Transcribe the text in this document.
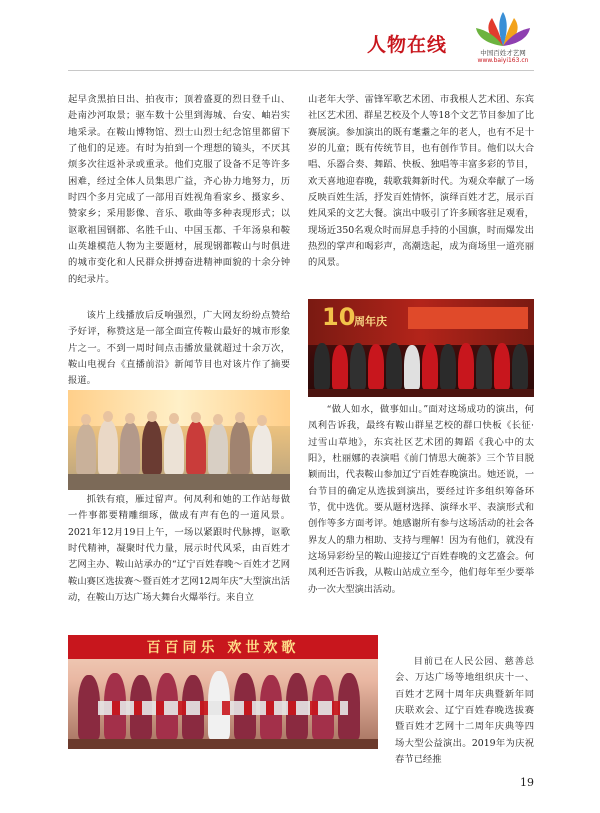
人物在线	中国百姓才艺网
www.baiyi163.cn

起早贪黑拍日出、拍夜市；顶着盛夏的烈日登千山、赴南沙河取景；驱车数十公里到海城、台安、岫岩实地采录。在鞍山博物馆、烈士山烈士纪念馆里都留下了他们的足迹。有时为拍到一个理想的镜头，不厌其烦多次往返补录或重录。他们克服了设备不足等许多困难，经过全体人员集思广益，齐心协力地努力，历时四个多月完成了一部用百姓视角看家乡、摄家乡、赞家乡；采用影像、音乐、歌曲等多种表现形式；以讴歌祖国钢都、名胜千山、中国玉都、千年汤泉和鞍山英雄模范人物为主要题材，展现钢都鞍山与时俱进的城市变化和人民群众拼搏奋进精神面貌的十余分钟的纪录片。

该片上线播放后反响强烈，广大网友纷纷点赞给予好评，称赞这是一部全面宣传鞍山最好的城市形象片之一。不到一周时间点击播放量就超过十余万次，鞍山电视台《直播前沿》新闻节目也对该片作了摘要报道。

抓铁有痕，雁过留声。何凤利和她的工作站每做一件事都要精雕细琢，做成有声有色的一道风景。2021年12月19日上午，一场以紧跟时代脉搏，讴歌时代精神，凝聚时代力量，展示时代风采，由百姓才艺网主办、鞍山站承办的“辽宁百姓春晚～百姓才艺网鞍山赛区选拔赛～暨百姓才艺网12周年庆”大型演出活动，在鞍山万达广场大舞台火爆举行。来自立

山老年大学、雷锋军歌艺术团、市我根人艺术团、东宾社区艺术团、群星艺校及个人等18个文艺节目参加了比赛展演。参加演出的既有耄耋之年的老人，也有不足十岁的儿童；既有传统节目，也有创作节目。他们以大合唱、乐器合奏、舞蹈、快板、独唱等丰富多彩的节目，欢天喜地迎春晚，载歌载舞新时代。为观众奉献了一场反映百姓生活，抒发百姓情怀，演绎百姓才艺，展示百姓风采的文艺大餐。演出中吸引了许多顾客驻足观看，现场近350名观众时而屏息手持的小国旗，时而爆发出热烈的掌声和喝彩声，高潮迭起，成为商场里一道亮丽的风景。

10
周年庆

“做人如水，做事如山。”面对这场成功的演出，何凤利告诉我，最终有鞍山群星艺校的群口快板《长征·过雪山草地》，东宾社区艺术团的舞蹈《我心中的太阳》，杜丽娜的表演唱《前门情思大碗茶》三个节目脱颖而出，代表鞍山参加辽宁百姓春晚演出。她还说，一台节目的确定从选拔到演出，要经过许多组织筹备环节，优中选优。要从题材选择、演绎水平、表演形式和创作等多方面考评。她感谢所有参与这场活动的社会各界友人的鼎力相助、支持与理解！因为有他们，就没有这场异彩纷呈的鞍山迎接辽宁百姓春晚的文艺盛会。何凤利还告诉我，从鞍山站成立至今，他们每年至少要举办一次大型演出活动。

百百同乐 欢世欢歌

目前已在人民公园、慈善总会、万达广场等地组织庆十一、百姓才艺网十周年庆典暨新年同庆联欢会、辽宁百姓春晚选拔赛暨百姓才艺网十二周年庆典等四场大型公益演出。2019年为庆祝春节已经推

19
